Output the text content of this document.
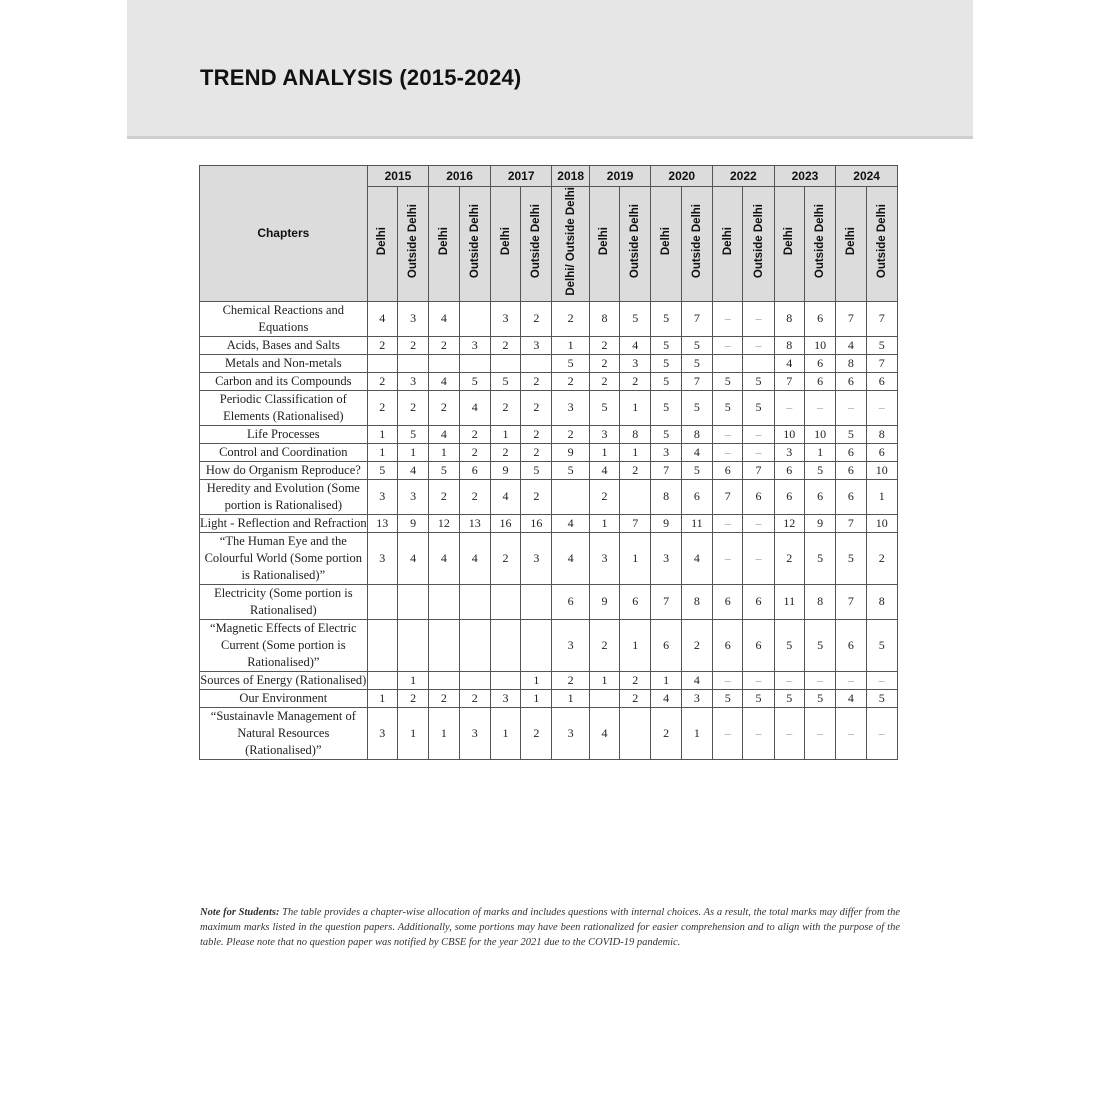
TREND ANALYSIS (2015-2024)
Chapters	2015		2016		2017		2018	2019		2020		2022		2023		2024	
	Delhi	Outside Delhi	Delhi	Outside Delhi	Delhi	Outside Delhi	Delhi/ Outside Delhi	Delhi	Outside Delhi	Delhi	Outside Delhi	Delhi	Outside Delhi	Delhi	Outside Delhi	Delhi	Outside Delhi
Chemical Reactions and Equations	4	3	4		3	2	2	8	5	5	7	–	–	8	6	7	7
Acids, Bases and Salts	2	2	2	3	2	3	1	2	4	5	5	–	–	8	10	4	5
Metals and Non-metals							5	2	3	5	5			4	6	8	7
Carbon and its Compounds	2	3	4	5	5	2	2	2	2	5	7	5	5	7	6	6	6
Periodic Classification of Elements (Rationalised)	2	2	2	4	2	2	3	5	1	5	5	5	5	–	–	–	–
Life Processes	1	5	4	2	1	2	2	3	8	5	8	–	–	10	10	5	8
Control and Coordination	1	1	1	2	2	2	9	1	1	3	4	–	–	3	1	6	6
How do Organism Reproduce?	5	4	5	6	9	5	5	4	2	7	5	6	7	6	5	6	10
Heredity and Evolution (Some portion is Rationalised)	3	3	2	2	4	2		2		8	6	7	6	6	6	6	1
Light - Reflection and Refraction	13	9	12	13	16	16	4	1	7	9	11	–	–	12	9	7	10
“The Human Eye and the Colourful World (Some portion is Rationalised)”	3	4	4	4	2	3	4	3	1	3	4	–	–	2	5	5	2
Electricity (Some portion is Rationalised)							6	9	6	7	8	6	6	11	8	7	8
“Magnetic Effects of Electric Current (Some portion is Rationalised)”							3	2	1	6	2	6	6	5	5	6	5
Sources of Energy (Rationalised)		1				1	2	1	2	1	4	–	–	–	–	–	–
Our Environment	1	2	2	2	3	1	1		2	4	3	5	5	5	5	4	5
“Sustainavle Management of Natural Resources (Rationalised)”	3	1	1	3	1	2	3	4		2	1	–	–	–	–	–	–

Note for Students: The table provides a chapter-wise allocation of marks and includes questions with internal choices. As a result, the total marks may differ from the maximum marks listed in the question papers. Additionally, some portions may have been rationalized for easier comprehension and to align with the purpose of the table. Please note that no question paper was notified by CBSE for the year 2021 due to the COVID-19 pandemic.
